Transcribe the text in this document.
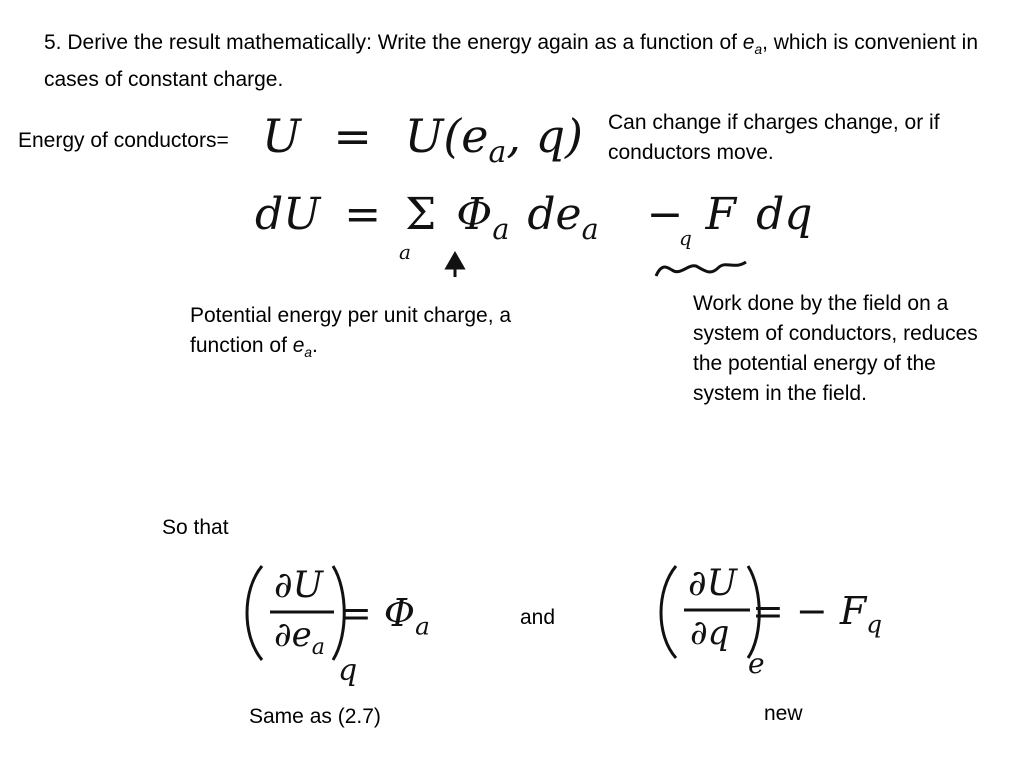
5. Derive the result mathematically: Write the energy again as a function of $e_a$, which is convenient in cases of constant charge.
Energy of conductors= $U = U(e_a$, q)
dU = Σ $\Phi_a$ $de_a - F$ dq
a
q
Can change if charges change, or if conductors move.
Potential energy per unit charge, a function of $e_a$.
Work done by the field on a system of conductors, reduces the potential energy of the system in the field.
So that
∂U
$\partial e_a$
q
= $\Phi_a$	and
∂U
∂q
e
= − $F_q$
Same as (2.7)	new
